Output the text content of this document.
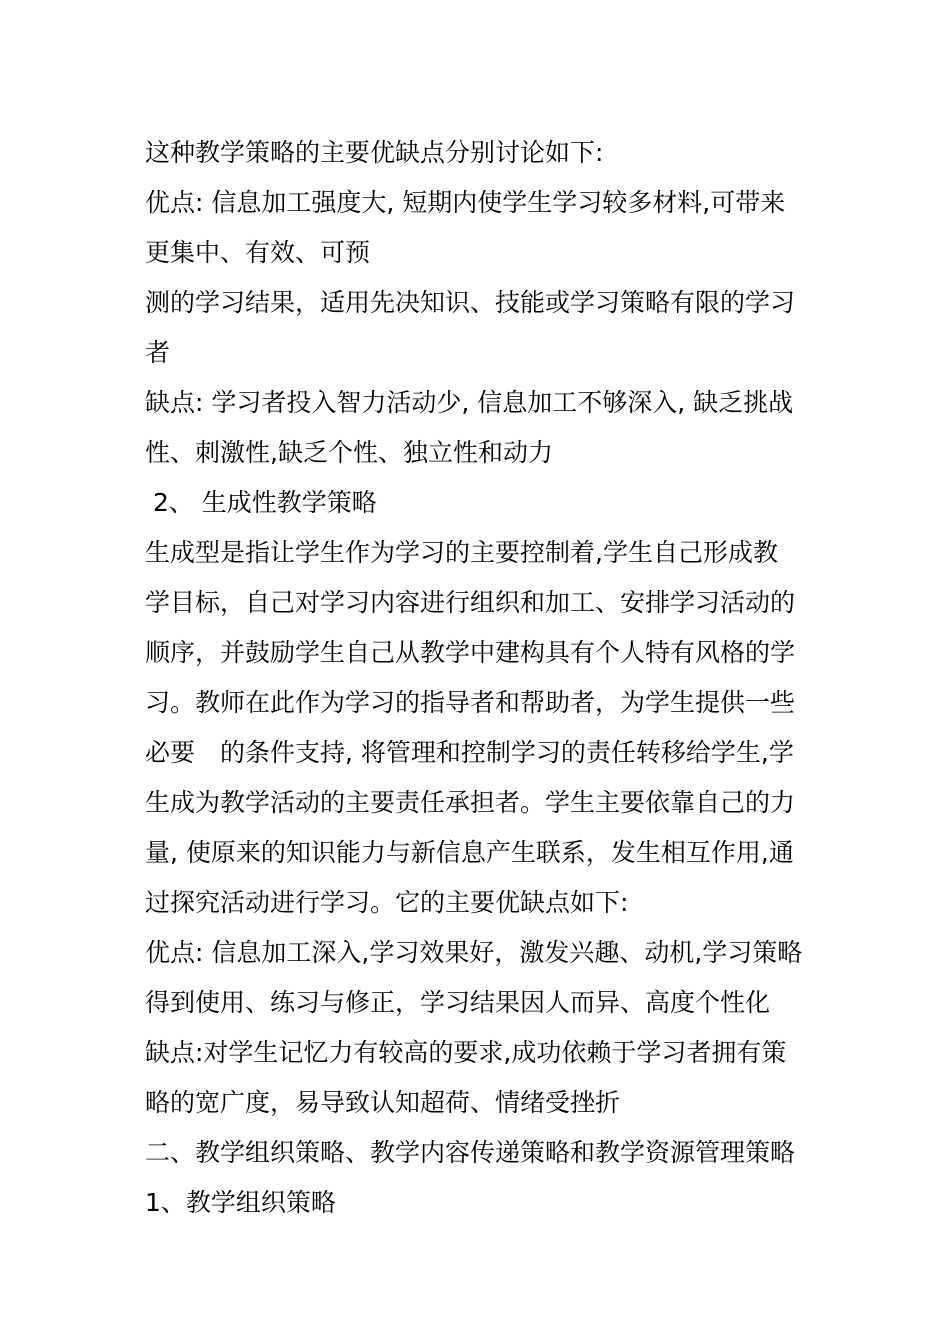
这种教学策略的主要优缺点分别讨论如下:
优点: 信息加工强度大, 短期内使学生学习较多材料,可带来
更集中、有效、可预
测的学习结果，适用先决知识、技能或学习策略有限的学习
者
缺点: 学习者投入智力活动少, 信息加工不够深入, 缺乏挑战
性、刺激性,缺乏个性、独立性和动力
2、 生成性教学策略
生成型是指让学生作为学习的主要控制着,学生自己形成教
学目标，自己对学习内容进行组织和加工、安排学习活动的
顺序，并鼓励学生自己从教学中建构具有个人特有风格的学
习。教师在此作为学习的指导者和帮助者，为学生提供一些
必要　的条件支持, 将管理和控制学习的责任转移给学生,学
生成为教学活动的主要责任承担者。学生主要依靠自己的力
量, 使原来的知识能力与新信息产生联系，发生相互作用,通
过探究活动进行学习。它的主要优缺点如下:
优点: 信息加工深入,学习效果好，激发兴趣、动机,学习策略
得到使用、练习与修正，学习结果因人而异、高度个性化
缺点:对学生记忆力有较高的要求,成功依赖于学习者拥有策
略的宽广度，易导致认知超荷、情绪受挫折
二、教学组织策略、教学内容传递策略和教学资源管理策略
1、教学组织策略
